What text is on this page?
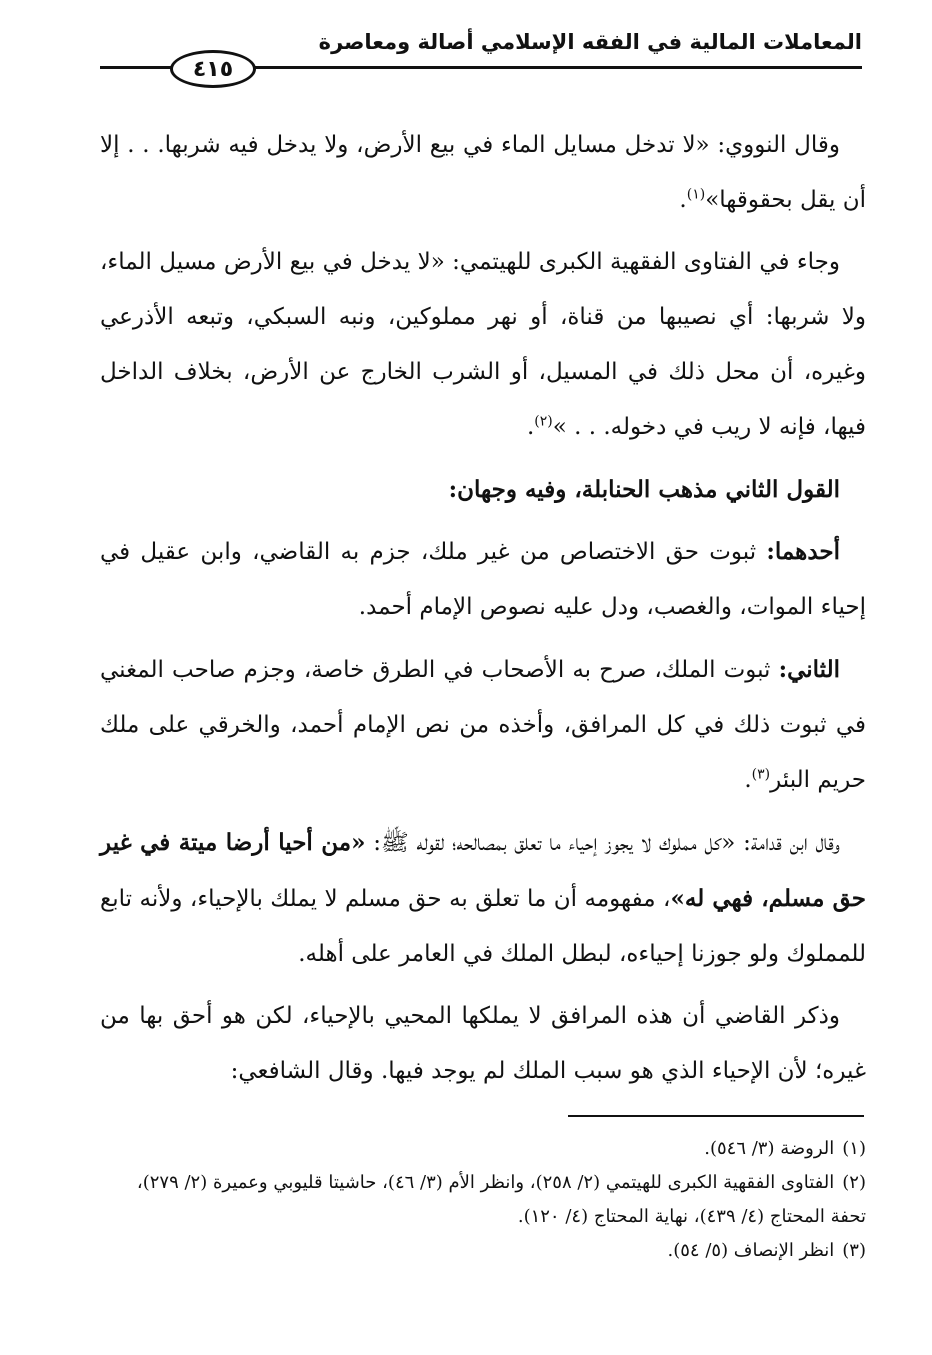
المعاملات المالية في الفقه الإسلامي أصالة ومعاصرة
٤١٥

وقال النووي: «لا تدخل مسايل الماء في بيع الأرض، ولا يدخل فيه شربها. . . إلا أن يقل بحقوقها»$^{(١)}$.

وجاء في الفتاوى الفقهية الكبرى للهيتمي: «لا يدخل في بيع الأرض مسيل الماء، ولا شربها: أي نصيبها من قناة، أو نهر مملوكين، ونبه السبكي، وتبعه الأذرعي وغيره، أن محل ذلك في المسيل، أو الشرب الخارج عن الأرض، بخلاف الداخل فيها، فإنه لا ريب في دخوله. . . »$^{(٢)}$.

القول الثاني مذهب الحنابلة، وفيه وجهان:

أحدهما: ثبوت حق الاختصاص من غير ملك، جزم به القاضي، وابن عقيل في إحياء الموات، والغصب، ودل عليه نصوص الإمام أحمد.

الثاني: ثبوت الملك، صرح به الأصحاب في الطرق خاصة، وجزم صاحب المغني في ثبوت ذلك في كل المرافق، وأخذه من نص الإمام أحمد، والخرقي على ملك حريم البئر$^{(٣)}$.

وقال ابن قدامة: «كل مملوك لا يجوز إحياء ما تعلق بمصالحه؛ لقوله ﷺ: «من أحيا أرضا ميتة في غير حق مسلم، فهي له»، مفهومه أن ما تعلق به حق مسلم لا يملك بالإحياء، ولأنه تابع للمملوك ولو جوزنا إحياءه، لبطل الملك في العامر على أهله.

وذكر القاضي أن هذه المرافق لا يملكها المحيي بالإحياء، لكن هو أحق بها من غيره؛ لأن الإحياء الذي هو سبب الملك لم يوجد فيها. وقال الشافعي:

(١)الروضة (٣/ ٥٤٦).

(٢)الفتاوى الفقهية الكبرى للهيتمي (٢/ ٢٥٨)، وانظر الأم (٣/ ٤٦)، حاشيتا قليوبي وعميرة (٢/ ٢٧٩)، تحفة المحتاج (٤/ ٤٣٩)، نهاية المحتاج (٤/ ١٢٠).

(٣)انظر الإنصاف (٥/ ٥٤).
